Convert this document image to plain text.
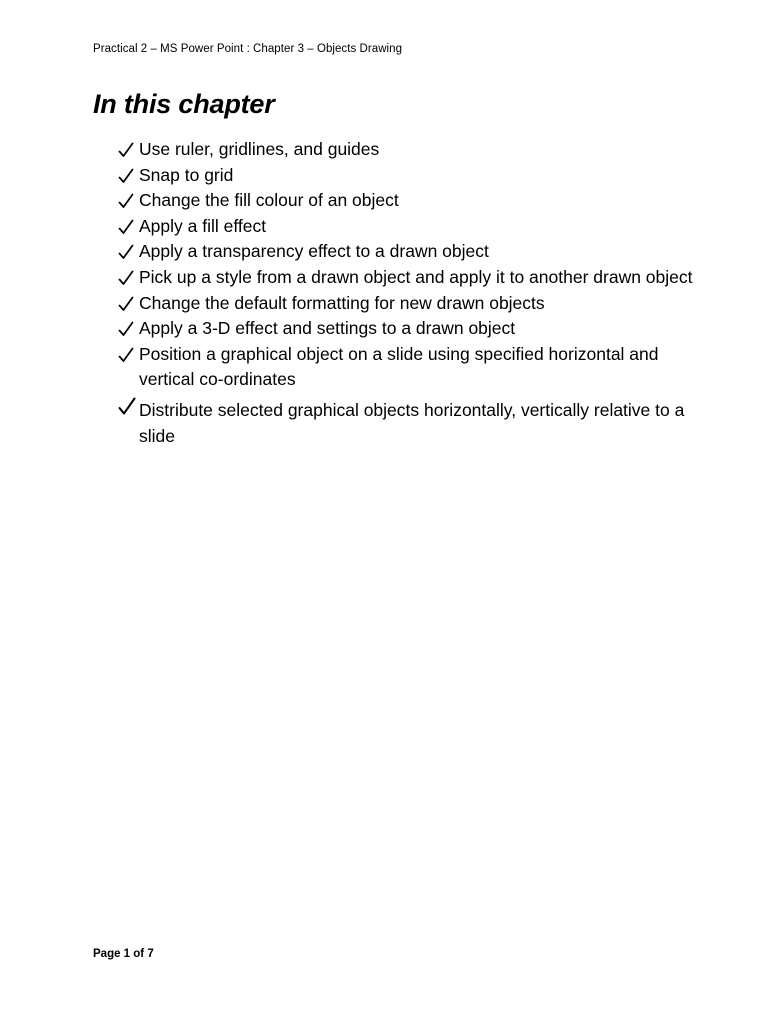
Practical 2 – MS Power Point : Chapter 3 – Objects Drawing
In this chapter
Use ruler, gridlines, and guides
Snap to grid
Change the fill colour of an object
Apply a fill effect
Apply a transparency effect to a drawn object
Pick up a style from a drawn object and apply it to another drawn object
Change the default formatting for new drawn objects
Apply a 3-D effect and settings to a drawn object
Position a graphical object on a slide using specified horizontal and vertical co-ordinates
Distribute selected graphical objects horizontally, vertically relative to a slide
Page 1 of 7
